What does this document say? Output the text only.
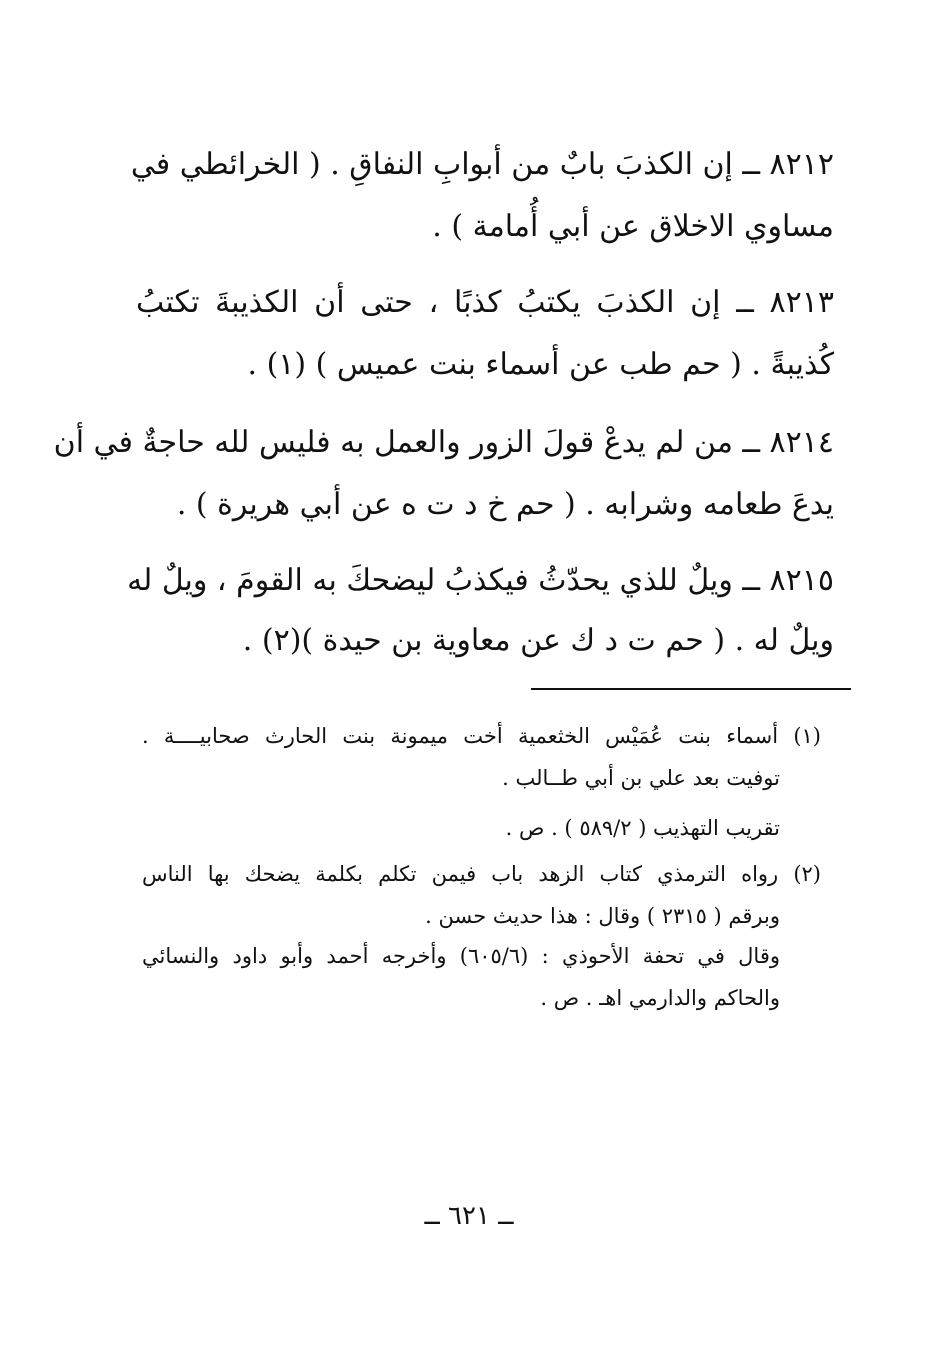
٨٢١٢ ــ إن الكذبَ بابٌ من أبوابِ النفاقِ . ( الخرائطي في
مساوي الاخلاق عن أبي أُمامة ) .
٨٢١٣ ــ إن الكذبَ يكتبُ كذبًا ، حتى أن الكذيبةَ تكتبُ
كُذيبةً . ( حم طب عن أسماء بنت عميس ) (١) .
٨٢١٤ ــ من لم يدعْ قولَ الزور والعمل به فليس لله حاجةٌ في أن
يدعَ طعامه وشرابه . ( حم خ د ت ه عن أبي هريرة ) .
٨٢١٥ ــ ويلٌ للذي يحدّثُ فيكذبُ ليضحكَ به القومَ ، ويلٌ له
ويلٌ له . ( حم ت د ك عن معاوية بن حيدة )(٢) .
(١) أسماء بنت عُمَيْس الخثعمية أخت ميمونة بنت الحارث صحابيــــة .
توفيت بعد علي بن أبي طــالب .
تقريب التهذيب ( ٥٨٩/٢ ) . ص .
(٢) رواه الترمذي كتاب الزهد باب فيمن تكلم بكلمة يضحك بها الناس
وبرقم ( ٢٣١٥ ) وقال : هذا حديث حسن .
وقال في تحفة الأحوذي : (٦٠٥/٦) وأخرجه أحمد وأبو داود والنسائي
والحاكم والدارمي اهـ . ص .
ــ ٦٢١ ــ
